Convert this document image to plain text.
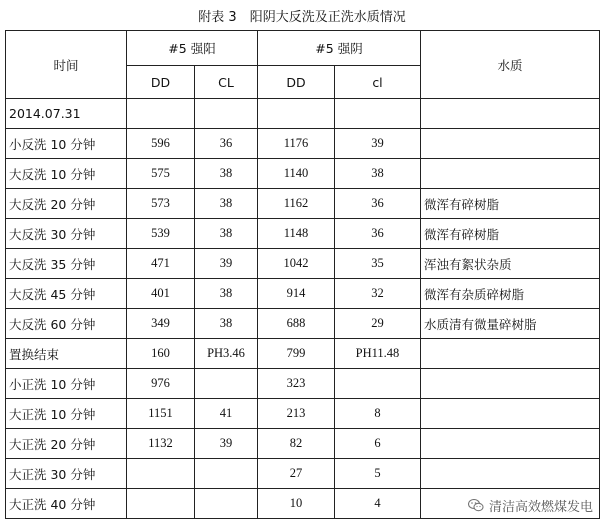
附表 3　阳阴大反洗及正洗水质情况
时间	#5 强阳		#5 强阴		水质
	DD	CL	DD	cl	
2014.07.31					
小反洗 10 分钟	596	36	1176	39	
大反洗 10 分钟	575	38	1140	38	
大反洗 20 分钟	573	38	1162	36	微浑有碎树脂
大反洗 30 分钟	539	38	1148	36	微浑有碎树脂
大反洗 35 分钟	471	39	1042	35	浑浊有絮状杂质
大反洗 45 分钟	401	38	914	32	微浑有杂质碎树脂
大反洗 60 分钟	349	38	688	29	水质清有微量碎树脂
置换结束	160	PH3.46	799	PH11.48	
小正洗 10 分钟	976		323		
大正洗 10 分钟	1151	41	213	8	
大正洗 20 分钟	1132	39	82	6	
大正洗 30 分钟			27	5	
大正洗 40 分钟			10	4		清洁高效燃煤发电
